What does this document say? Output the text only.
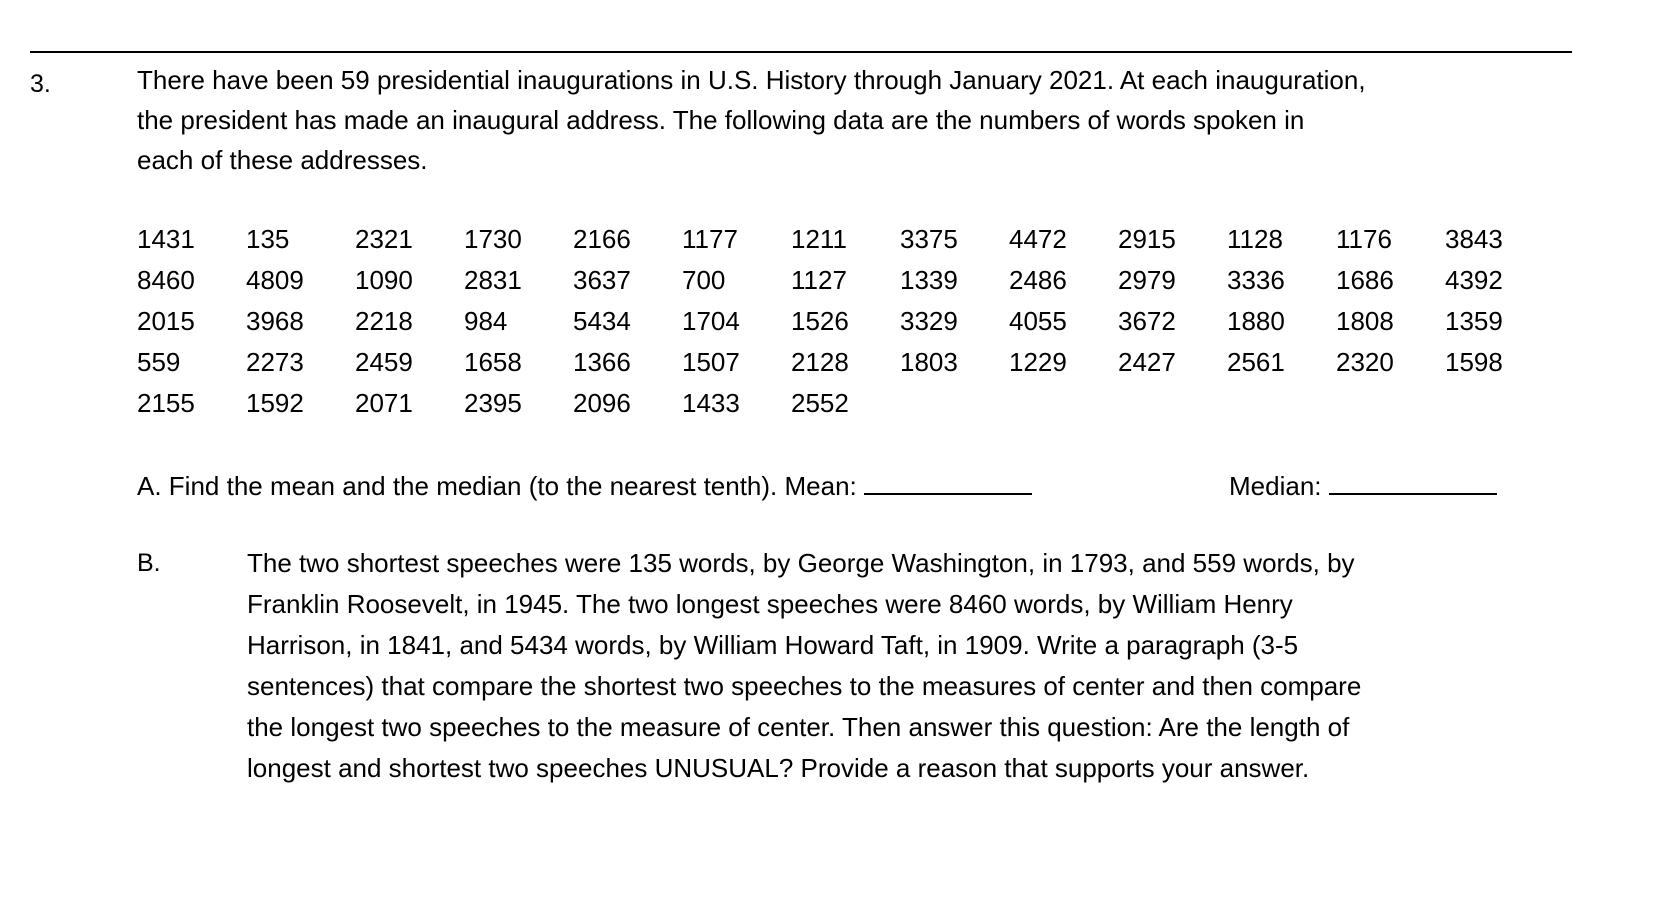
3.	There have been 59 presidential inaugurations in U.S. History through January 2021. At each inauguration,
the president has made an inaugural address. The following data are the numbers of words spoken in
each of these addresses.
1431 135	2321 1730 2166 1177 1211 3375 4472 2915 1128 1176 3843
8460 4809 1090 2831 3637 700	1127 1339 2486 2979 3336 1686 4392
2015 3968 2218 984	5434 1704 1526 3329 4055 3672 1880 1808 1359
559	2273 2459 1658 1366 1507 2128 1803 1229 2427 2561 2320 1598
2155 1592 2071 2395 2096 1433 2552
A. Find the mean and the median (to the nearest tenth). Mean:	Median:
B.	The two shortest speeches were 135 words, by George Washington, in 1793, and 559 words, by
Franklin Roosevelt, in 1945. The two longest speeches were 8460 words, by William Henry
Harrison, in 1841, and 5434 words, by William Howard Taft, in 1909. Write a paragraph (3-5
sentences) that compare the shortest two speeches to the measures of center and then compare
the longest two speeches to the measure of center. Then answer this question: Are the length of
longest and shortest two speeches UNUSUAL? Provide a reason that supports your answer.
